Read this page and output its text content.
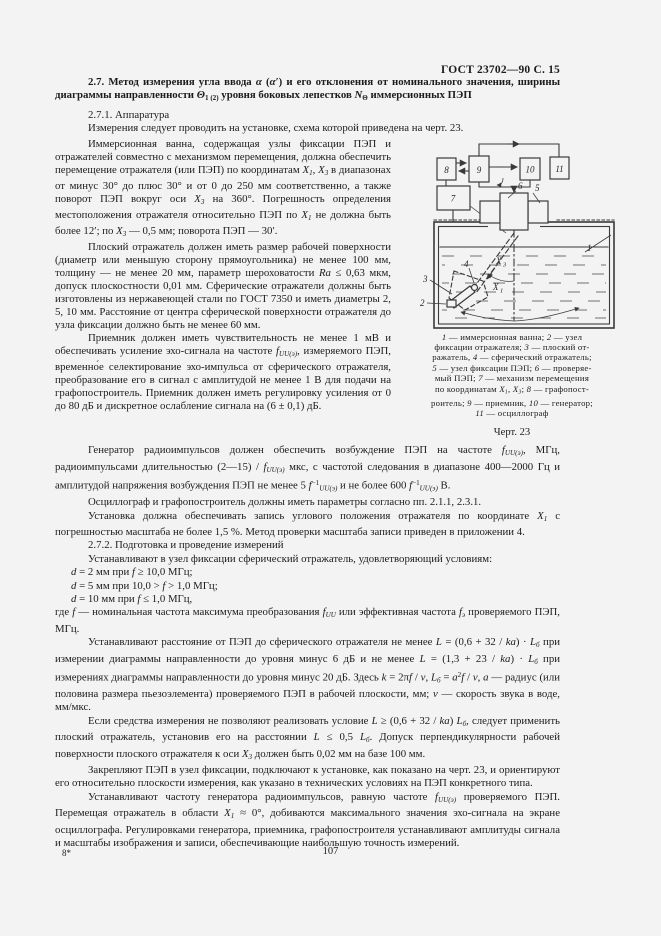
ГОСТ 23702—90 С. 15

2.7. Метод измерения угла ввода α (α′) и его отклонения от номинального значения, ширины диаграммы направленности Θ1 (2) уровня боковых лепестков NΘ иммерсионных ПЭП

2.7.1. Аппаратура

Измерения следует проводить на установке, схема которой приведена на черт. 23.

Иммерсионная ванна, содержащая узлы фиксации ПЭП и отражателей совместно с механизмом перемещения, должна обеспечить перемещение отражателя (или ПЭП) по координатам X1, X3 в диапазонах от минус 30° до плюс 30° и от 0 до 250 мм соответственно, а также поворот ПЭП вокруг оси X3 на 360°. Погрешность определения местоположения отражателя относительно ПЭП по X1 не должна быть более 12′; по X3 — 0,5 мм; поворота ПЭП — 30′.

Плоский отражатель должен иметь размер рабочей поверхности (диаметр или меньшую сторону прямоугольника) не менее 100 мм, толщину — не менее 20 мм, параметр шероховатости Ra ≤ 0,63 мкм, допуск плоскостности 0,01 мм. Сферические отражатели должны быть изготовлены из нержавеющей стали по ГОСТ 7350 и иметь диаметры 2, 5, 10 мм. Расстояние от центра сферической поверхности отражателя до узла фиксации должно быть не менее 60 мм.

Приемник должен иметь чувствительность не менее 1 мВ и обеспечивать усиление эхо-сигнала на частоте fUU(э), измеряемого ПЭП, временно́е селектирование эхо-импульса от сферического отражателя, преобразование его в сигнал с амплитудой не менее 1 В для подачи на графопостроитель. Приемник должен иметь регулировку усиления от 0 до 80 дБ и дискретное ослабление сигнала на (6 ± 0,1) дБ.

8	9	10 11
7
6 5
Х 3
Х 1
4
3
2
1
1 — иммерсионная ванна; 2 — узел
фиксации отражателя; 3 — плоский от-
ражатель, 4 — сферический отражатель;
5 — узел фиксации ПЭП; 6 — проверяе-
мый ПЭП; 7 — механизм перемещения
по координатам X1, X3; 8 — графопост-
роитель; 9 — приемник, 10 — генератор;
11 — осциллограф
Черт. 23

Генератор радиоимпульсов должен обеспечить возбуждение ПЭП на частоте fUU(э), МГц, радиоимпульсами длительностью (2—15) / fUU(э) мкс, с частотой следования в диапазоне 400—2000 Гц и амплитудой напряжения возбуждения ПЭП не менее 5 $f^{-1}UU(э)$ и не более 600 $f^{-1}UU(э)$ В.

Осциллограф и графопостроитель должны иметь параметры согласно пп. 2.1.1, 2.3.1.

Установка должна обеспечивать запись углового положения отражателя по координате X1 с погрешностью масштаба не более 1,5 %. Метод проверки масштаба записи приведен в приложении 4.

2.7.2. Подготовка и проведение измерений

Устанавливают в узел фиксации сферический отражатель, удовлетворяющий условиям:

d = 2 мм при f ≥ 10,0 МГц;

d = 5 мм при 10,0 > f > 1,0 МГц;

d = 10 мм при f ≤ 1,0 МГц,

где f — номинальная частота максимума преобразования fUU или эффективная частота fэ проверяемого ПЭП, МГц.

Устанавливают расстояние от ПЭП до сферического отражателя не менее L = (0,6 + 32 / ka) · Lб при измерении диаграммы направленности до уровня минус 6 дБ и не менее L = (1,3 + 23 / ka) · Lб при измерениях диаграммы направленности до уровня минус 20 дБ. Здесь k = 2πf / v, Lб = $a^2f$ / v, a — радиус (или половина размера пьезоэлемента) проверяемого ПЭП в рабочей плоскости, мм; v — скорость звука в воде, мм/мкс.

Если средства измерения не позволяют реализовать условие L ≥ (0,6 + 32 / ka) Lб, следует применить плоский отражатель, установив его на расстоянии L ≤ 0,5 Lб. Допуск перпендикулярности рабочей поверхности плоского отражателя к оси X3 должен быть 0,02 мм на базе 100 мм.

Закрепляют ПЭП в узел фиксации, подключают к установке, как показано на черт. 23, и ориентируют его относительно плоскости измерения, как указано в технических условиях на ПЭП конкретного типа.

Устанавливают частоту генератора радиоимпульсов, равную частоте fUU(э) проверяемого ПЭП. Перемещая отражатель в области X1 ≈ 0°, добиваются максимального значения эхо-сигнала на экране осциллографа. Регулировками генератора, приемника, графопостроителя устанавливают амплитуды сигнала и масштабы изображения и записи, обеспечивающие наибольшую точность измерений.

8*	107
